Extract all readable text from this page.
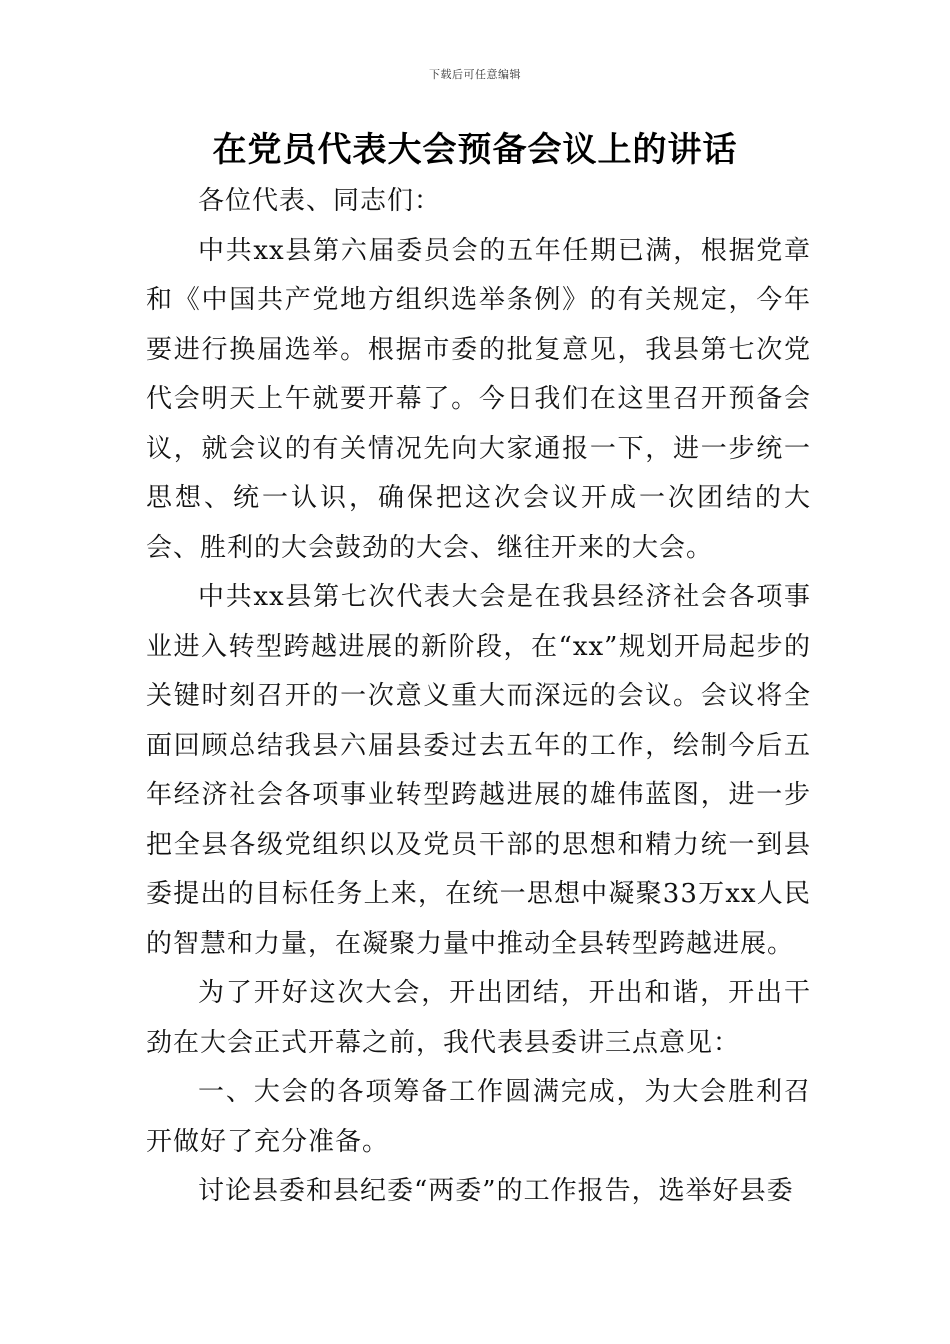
下载后可任意编辑
在党员代表大会预备会议上的讲话

各位代表、同志们：

中共xx县第六届委员会的五年任期已满，根据党章和《中国共产党地方组织选举条例》的有关规定，今年要进行换届选举。根据市委的批复意见，我县第七次党代会明天上午就要开幕了。今日我们在这里召开预备会议，就会议的有关情况先向大家通报一下，进一步统一思想、统一认识，确保把这次会议开成一次团结的大会、胜利的大会鼓劲的大会、继往开来的大会。

中共xx县第七次代表大会是在我县经济社会各项事业进入转型跨越进展的新阶段，在“xx”规划开局起步的关键时刻召开的一次意义重大而深远的会议。会议将全面回顾总结我县六届县委过去五年的工作，绘制今后五年经济社会各项事业转型跨越进展的雄伟蓝图，进一步把全县各级党组织以及党员干部的思想和精力统一到县委提出的目标任务上来，在统一思想中凝聚33万xx人民的智慧和力量，在凝聚力量中推动全县转型跨越进展。

为了开好这次大会，开出团结，开出和谐，开出干劲在大会正式开幕之前，我代表县委讲三点意见：

一、大会的各项筹备工作圆满完成，为大会胜利召开做好了充分准备。

讨论县委和县纪委“两委”的工作报告，选举好县委
